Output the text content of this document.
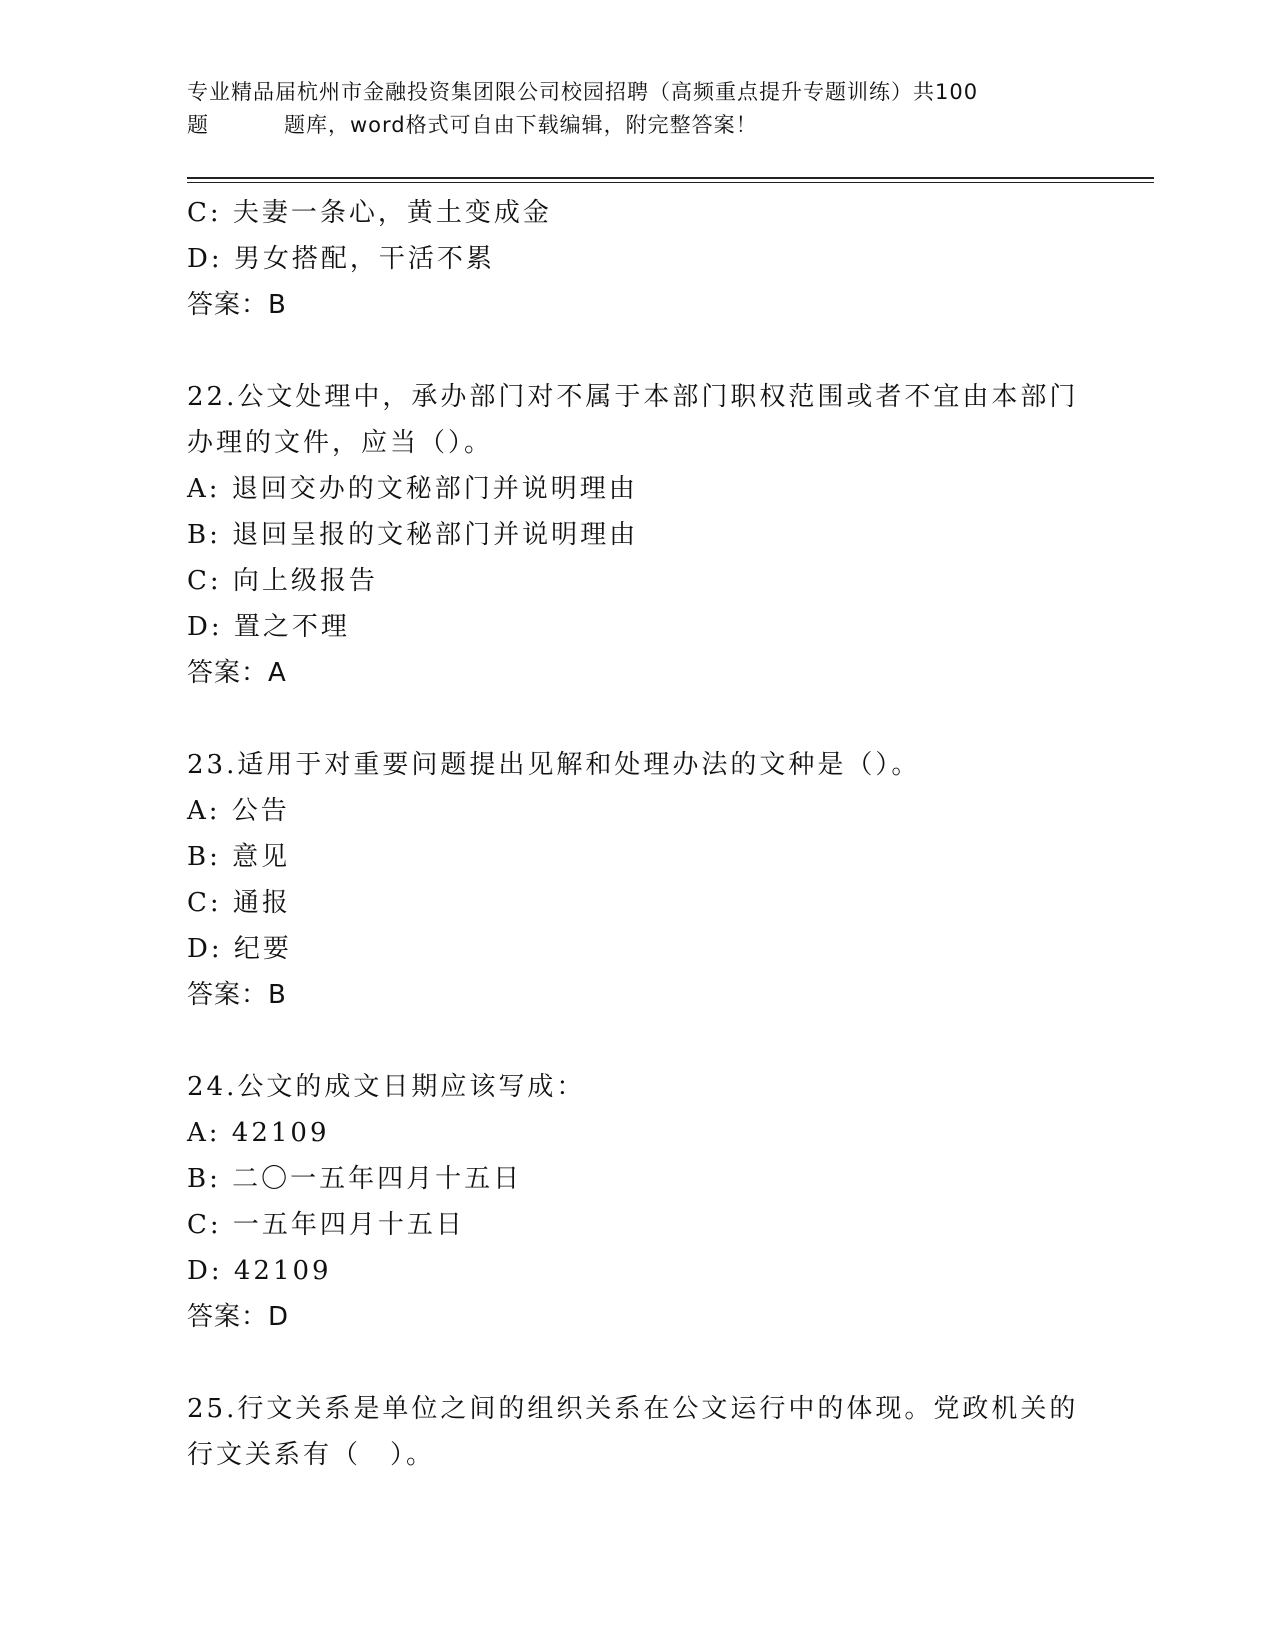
专业精品届杭州市金融投资集团限公司校园招聘（高频重点提升专题训练）共100
题	题库，word格式可自由下载编辑，附完整答案！

C: 夫妻一条心，黄土变成金

D: 男女搭配，干活不累

答案：B

22.公文处理中，承办部门对不属于本部门职权范围或者不宜由本部门

办理的文件，应当（）。

A: 退回交办的文秘部门并说明理由

B: 退回呈报的文秘部门并说明理由

C: 向上级报告

D: 置之不理

答案：A

23.适用于对重要问题提出见解和处理办法的文种是（）。

A: 公告

B: 意见

C: 通报

D: 纪要

答案：B

24.公文的成文日期应该写成：

A: 42109

B: 二〇一五年四月十五日

C: 一五年四月十五日

D: 42109

答案：D

25.行文关系是单位之间的组织关系在公文运行中的体现。党政机关的

行文关系有（　）。
